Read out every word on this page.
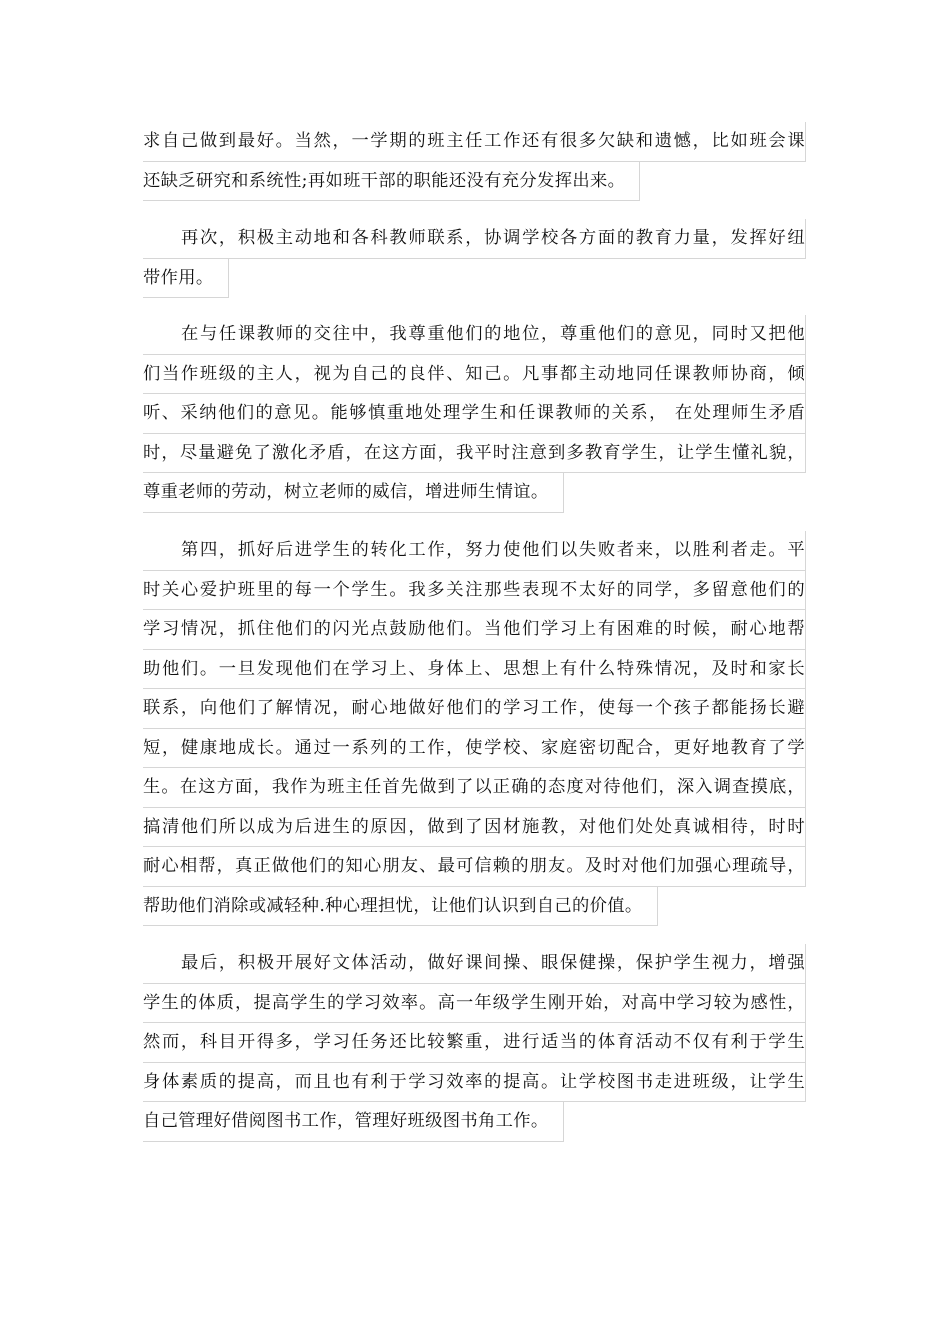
求自己做到最好。当然，一学期的班主任工作还有很多欠缺和遗憾，比如班会课
还缺乏研究和系统性;再如班干部的职能还没有充分发挥出来。
再次，积极主动地和各科教师联系，协调学校各方面的教育力量，发挥好纽
带作用。
在与任课教师的交往中，我尊重他们的地位，尊重他们的意见，同时又把他
们当作班级的主人，视为自己的良伴、知己。凡事都主动地同任课教师协商，倾
听、采纳他们的意见。能够慎重地处理学生和任课教师的关系， 在处理师生矛盾
时，尽量避免了激化矛盾，在这方面，我平时注意到多教育学生，让学生懂礼貌，
尊重老师的劳动，树立老师的威信，增进师生情谊。
第四，抓好后进学生的转化工作，努力使他们以失败者来，以胜利者走。平
时关心爱护班里的每一个学生。我多关注那些表现不太好的同学，多留意他们的
学习情况，抓住他们的闪光点鼓励他们。当他们学习上有困难的时候，耐心地帮
助他们。一旦发现他们在学习上、身体上、思想上有什么特殊情况，及时和家长
联系，向他们了解情况，耐心地做好他们的学习工作，使每一个孩子都能扬长避
短，健康地成长。通过一系列的工作，使学校、家庭密切配合，更好地教育了学
生。在这方面，我作为班主任首先做到了以正确的态度对待他们，深入调查摸底，
搞清他们所以成为后进生的原因，做到了因材施教，对他们处处真诚相待，时时
耐心相帮，真正做他们的知心朋友、最可信赖的朋友。及时对他们加强心理疏导，
帮助他们消除或减轻种.种心理担忧，让他们认识到自己的价值。
最后，积极开展好文体活动，做好课间操、眼保健操，保护学生视力，增强
学生的体质，提高学生的学习效率。高一年级学生刚开始，对高中学习较为感性，
然而，科目开得多，学习任务还比较繁重，进行适当的体育活动不仅有利于学生
身体素质的提高，而且也有利于学习效率的提高。让学校图书走进班级，让学生
自己管理好借阅图书工作，管理好班级图书角工作。
